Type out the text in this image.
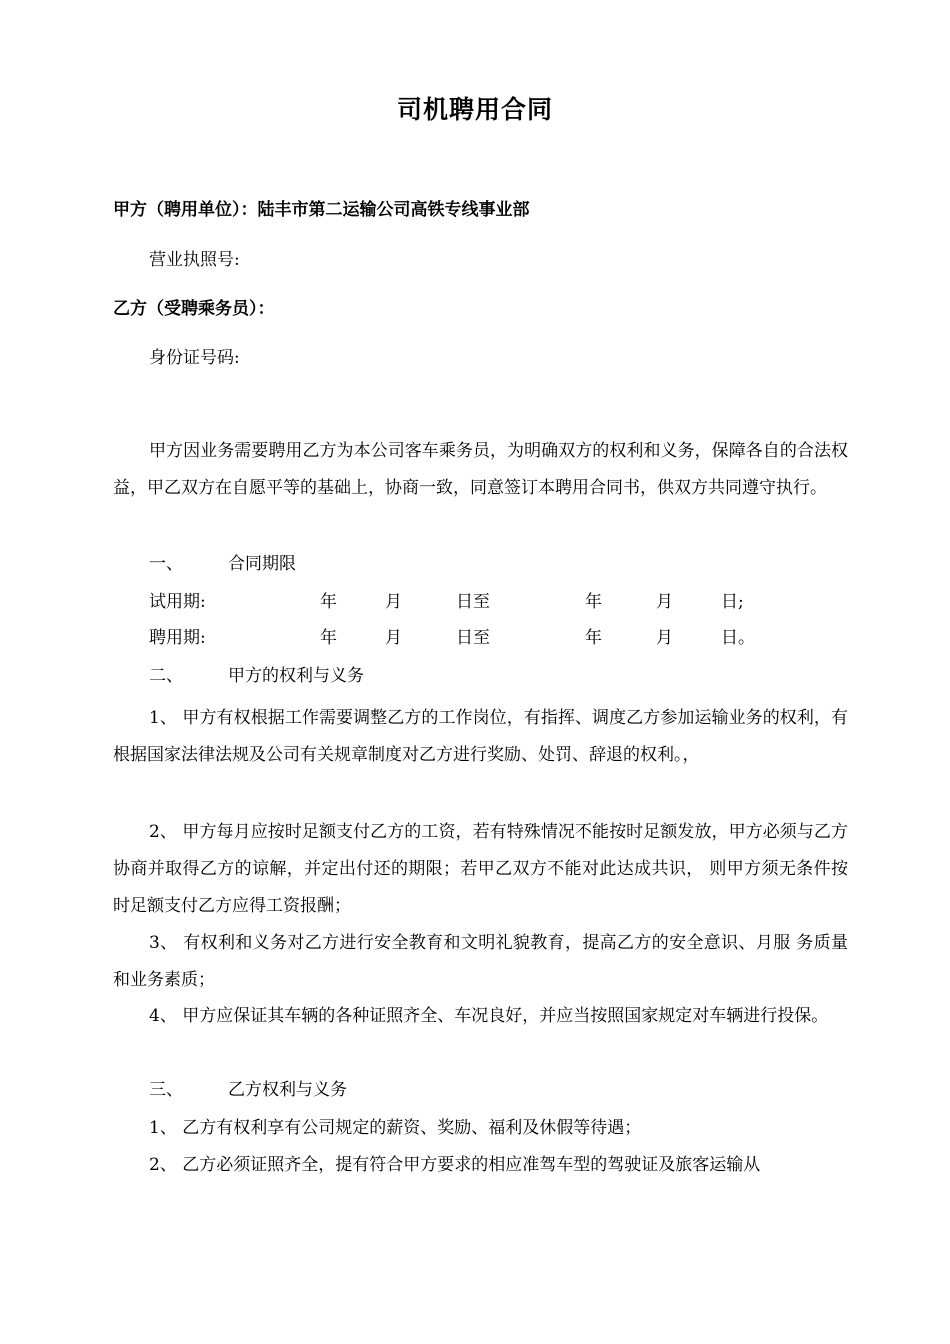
司机聘用合同
甲方（聘用单位）：陆丰市第二运输公司高铁专线事业部
营业执照号:
乙方（受聘乘务员）：
身份证号码:
甲方因业务需要聘用乙方为本公司客车乘务员，为明确双方的权利和义务，保障各自的合法权益，甲乙双方在自愿平等的基础上，协商一致，同意签订本聘用合同书，供双方共同遵守执行。
一、	合同期限
试用期:	年	月	日至	年	月	日;
聘用期:	年	月	日至	年	月	日。
二、	甲方的权利与义务
1、 甲方有权根据工作需要调整乙方的工作岗位，有指挥、调度乙方参加运输业务的权利，有根据国家法律法规及公司有关规章制度对乙方进行奖励、处罚、辞退的权利。，
2、 甲方每月应按时足额支付乙方的工资，若有特殊情况不能按时足额发放，甲方必须与乙方协商并取得乙方的谅解，并定出付还的期限；若甲乙双方不能对此达成共识， 则甲方须无条件按时足额支付乙方应得工资报酬；
3、 有权利和义务对乙方进行安全教育和文明礼貌教育，提高乙方的安全意识、月服 务质量和业务素质；
4、 甲方应保证其车辆的各种证照齐全、车况良好，并应当按照国家规定对车辆进行投保。
三、	乙方权利与义务
1、 乙方有权利享有公司规定的薪资、奖励、福利及休假等待遇；
2、 乙方必须证照齐全，提有符合甲方要求的相应准驾车型的驾驶证及旅客运输从
